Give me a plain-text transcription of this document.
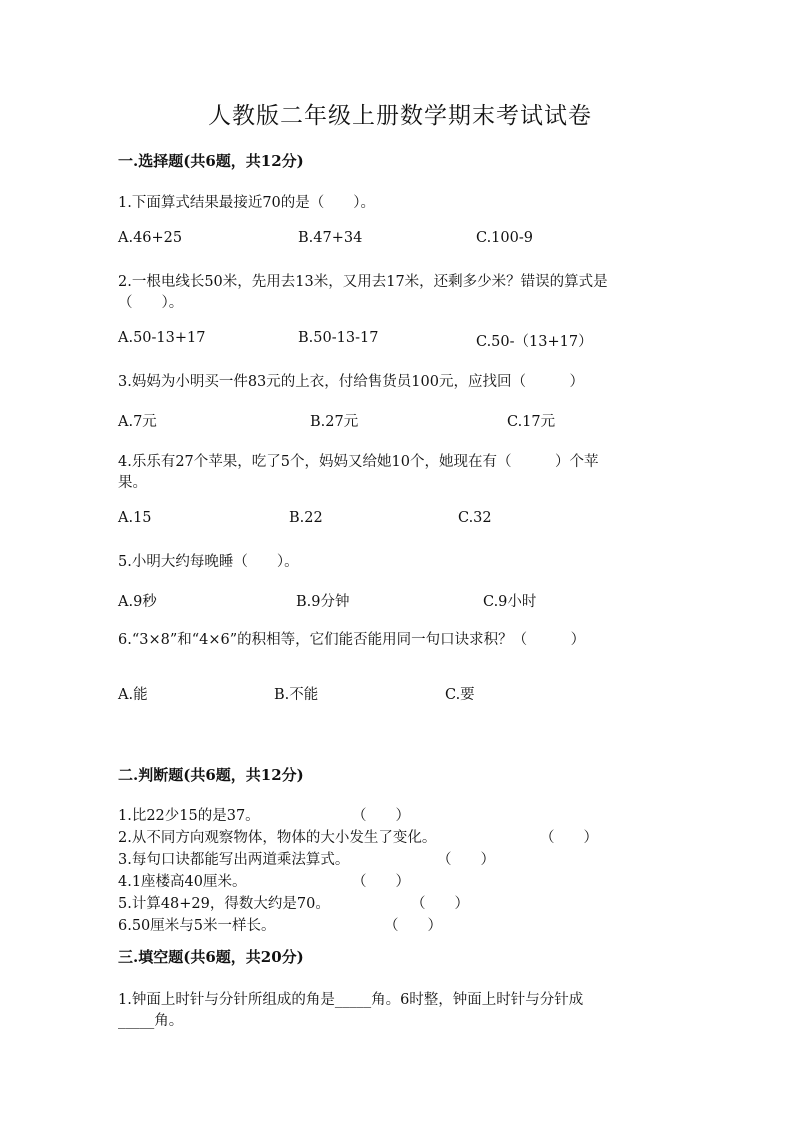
人教版二年级上册数学期末考试试卷
一.选择题(共6题，共12分)
1.下面算式结果最接近70的是（　　）。
A.46+25	B.47+34	C.100-9
2.一根电线长50米，先用去13米，又用去17米，还剩多少米？错误的算式是
（　　）。
A.50-13+17	B.50-13-17	C.50-（13+17）
3.妈妈为小明买一件83元的上衣，付给售货员100元，应找回（　　　）
A.7元	B.27元	C.17元
4.乐乐有27个苹果，吃了5个，妈妈又给她10个，她现在有（　　　）个苹
果。
A.15	B.22	C.32
5.小明大约每晚睡（　　）。
A.9秒	B.9分钟	C.9小时
6.“3×8”和“4×6”的积相等，它们能否能用同一句口诀求积？（　　　）
A.能	B.不能	C.要
二.判断题(共6题，共12分)
1.比22少15的是37。	（　　）
2.从不同方向观察物体，物体的大小发生了变化。	（　　）
3.每句口诀都能写出两道乘法算式。	（　　）
4.1座楼高40厘米。	（　　）
5.计算48+29，得数大约是70。	（　　）
6.50厘米与5米一样长。	（　　）
三.填空题(共6题，共20分)
1.钟面上时针与分针所组成的角是_____角。6时整，钟面上时针与分针成
_____角。
